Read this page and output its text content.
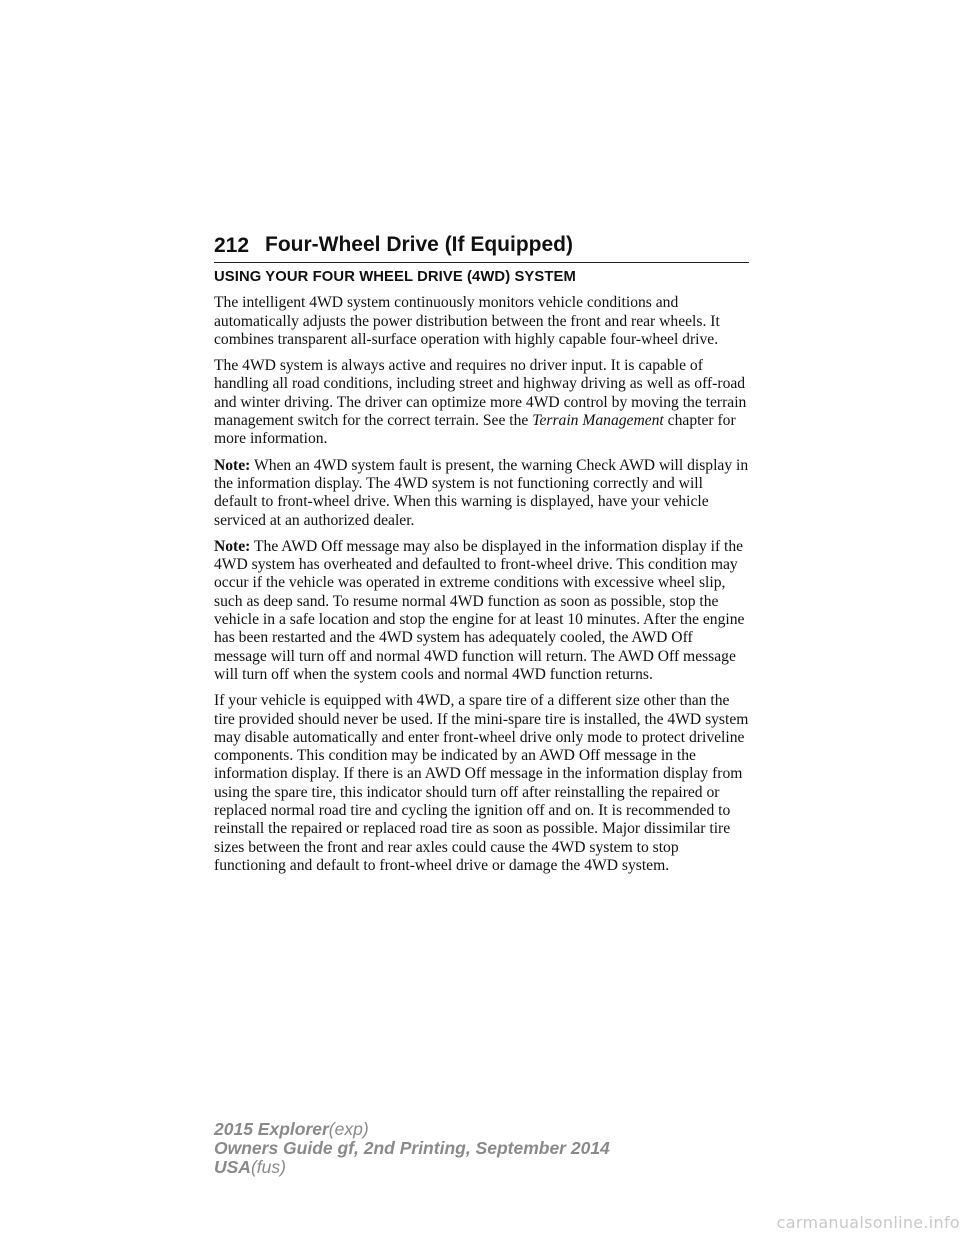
212 Four-Wheel Drive (If Equipped)
USING YOUR FOUR WHEEL DRIVE (4WD) SYSTEM

The intelligent 4WD system continuously monitors vehicle conditions and automatically adjusts the power distribution between the front and rear wheels. It combines transparent all-surface operation with highly capable four-wheel drive.

The 4WD system is always active and requires no driver input. It is capable of handling all road conditions, including street and highway driving as well as off-road and winter driving. The driver can optimize more 4WD control by moving the terrain management switch for the correct terrain. See the Terrain Management chapter for more information.

Note: When an 4WD system fault is present, the warning Check AWD will display in the information display. The 4WD system is not functioning correctly and will default to front-wheel drive. When this warning is displayed, have your vehicle serviced at an authorized dealer.

Note: The AWD Off message may also be displayed in the information display if the 4WD system has overheated and defaulted to front-wheel drive. This condition may occur if the vehicle was operated in extreme conditions with excessive wheel slip, such as deep sand. To resume normal 4WD function as soon as possible, stop the vehicle in a safe location and stop the engine for at least 10 minutes. After the engine has been restarted and the 4WD system has adequately cooled, the AWD Off message will turn off and normal 4WD function will return. The AWD Off message will turn off when the system cools and normal 4WD function returns.

If your vehicle is equipped with 4WD, a spare tire of a different size other than the tire provided should never be used. If the mini-spare tire is installed, the 4WD system may disable automatically and enter front-wheel drive only mode to protect driveline components. This condition may be indicated by an AWD Off message in the information display. If there is an AWD Off message in the information display from using the spare tire, this indicator should turn off after reinstalling the repaired or replaced normal road tire and cycling the ignition off and on. It is recommended to reinstall the repaired or replaced road tire as soon as possible. Major dissimilar tire sizes between the front and rear axles could cause the 4WD system to stop functioning and default to front-wheel drive or damage the 4WD system.

2015 Explorer(exp)
Owners Guide gf, 2nd Printing, September 2014
USA(fus)
carmanualsonline.info
